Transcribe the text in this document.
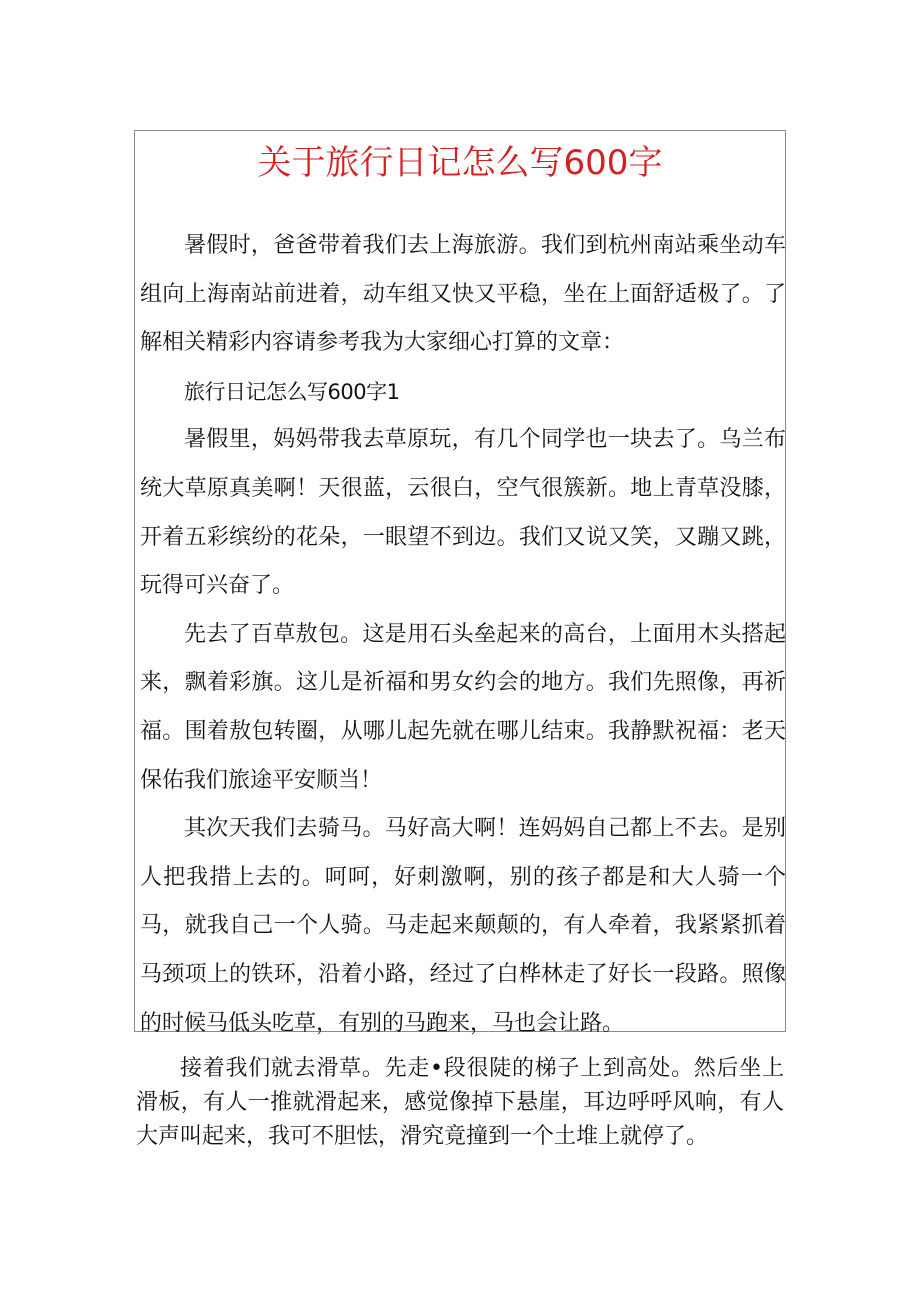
关于旅行日记怎么写600字

暑假时，爸爸带着我们去上海旅游。我们到杭州南站乘坐动车组向上海南站前进着，动车组又快又平稳，坐在上面舒适极了。了解相关精彩内容请参考我为大家细心打算的文章：

旅行日记怎么写600字1

暑假里，妈妈带我去草原玩，有几个同学也一块去了。乌兰布统大草原真美啊！天很蓝，云很白，空气很簇新。地上青草没膝，开着五彩缤纷的花朵，一眼望不到边。我们又说又笑，又蹦又跳，玩得可兴奋了。

先去了百草敖包。这是用石头垒起来的高台，上面用木头搭起来，飘着彩旗。这儿是祈福和男女约会的地方。我们先照像，再祈福。围着敖包转圈，从哪儿起先就在哪儿结束。我静默祝福：老天保佑我们旅途平安顺当！

其次天我们去骑马。马好高大啊！连妈妈自己都上不去。是别人把我措上去的。呵呵，好刺激啊，别的孩子都是和大人骑一个马，就我自己一个人骑。马走起来颠颠的，有人牵着，我紧紧抓着马颈项上的铁环，沿着小路，经过了白桦林走了好长一段路。照像的时候马低头吃草，有别的马跑来，马也会让路。

接着我们就去滑草。先走•段很陡的梯子上到高处。然后坐上滑板，有人一推就滑起来，感觉像掉下悬崖，耳边呼呼风响，有人大声叫起来，我可不胆怯，滑究竟撞到一个土堆上就停了。
